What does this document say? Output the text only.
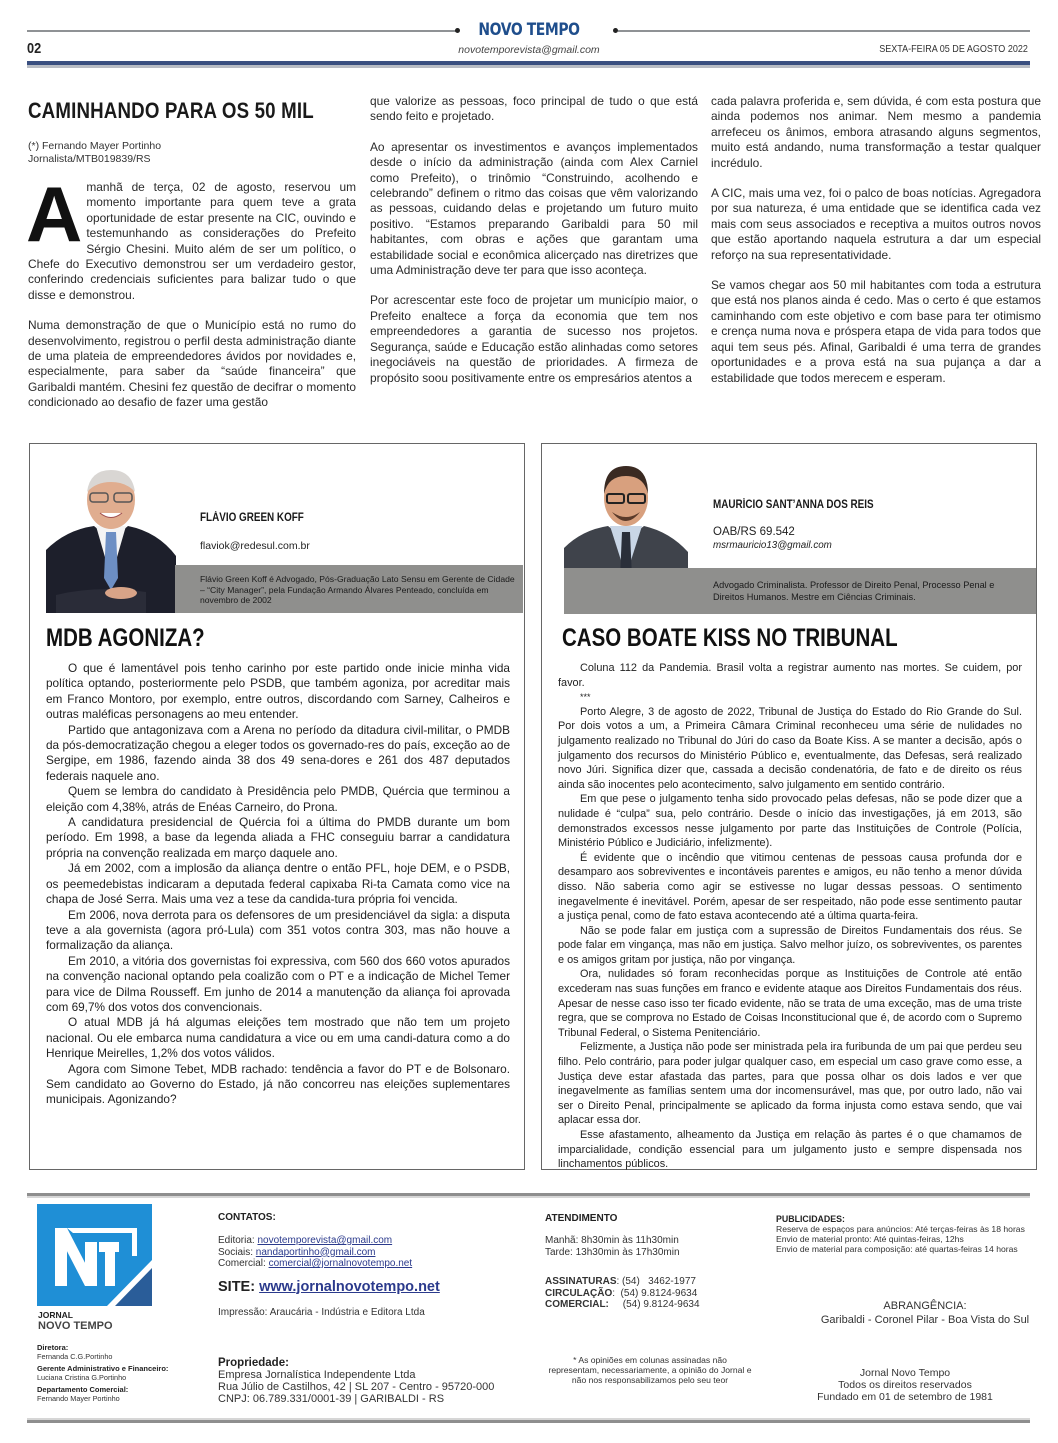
NOVO TEMPO
novotemporevista@gmail.com
02	SEXTA-FEIRA 05 DE AGOSTO 2022
CAMINHANDO PARA OS 50 MIL
(*) Fernando Mayer Portinho
Jornalista/MTB019839/RS

Amanhã de terça, 02 de agosto, reservou um momento importante para quem teve a grata oportunidade de estar presente na CIC, ouvindo e testemunhando as considerações do Prefeito Sérgio Chesini. Muito além de ser um político, o Chefe do Executivo demonstrou ser um verdadeiro gestor, conferindo credenciais suficientes para balizar tudo o que disse e demonstrou.

Numa demonstração de que o Município está no rumo do desenvolvimento, registrou o perfil desta administração diante de uma plateia de empreendedores ávidos por novidades e, especialmente, para saber da “saúde financeira” que Garibaldi mantém. Chesini fez questão de decifrar o momento condicionado ao desafio de fazer uma gestão

que valorize as pessoas, foco principal de tudo o que está sendo feito e projetado.

Ao apresentar os investimentos e avanços implementados desde o início da administração (ainda com Alex Carniel como Prefeito), o trinômio “Construindo, acolhendo e celebrando” definem o ritmo das coisas que vêm valorizando as pessoas, cuidando delas e projetando um futuro muito positivo. “Estamos preparando Garibaldi para 50 mil habitantes, com obras e ações que garantam uma estabilidade social e econômica alicerçado nas diretrizes que uma Administração deve ter para que isso aconteça.

Por acrescentar este foco de projetar um município maior, o Prefeito enaltece a força da economia que tem nos empreendedores a garantia de sucesso nos projetos. Segurança, saúde e Educação estão alinhadas como setores inegociáveis na questão de prioridades. A firmeza de propósito soou positivamente entre os empresários atentos a

cada palavra proferida e, sem dúvida, é com esta postura que ainda podemos nos animar. Nem mesmo a pandemia arrefeceu os ânimos, embora atrasando alguns segmentos, muito está andando, numa transformação a testar qualquer incrédulo.

A CIC, mais uma vez, foi o palco de boas notícias. Agregadora por sua natureza, é uma entidade que se identifica cada vez mais com seus associados e receptiva a muitos outros novos que estão aportando naquela estrutura a dar um especial reforço na sua representatividade.

Se vamos chegar aos 50 mil habitantes com toda a estrutura que está nos planos ainda é cedo. Mas o certo é que estamos caminhando com este objetivo e com base para ter otimismo e crença numa nova e próspera etapa de vida para todos que aqui tem seus pés. Afinal, Garibaldi é uma terra de grandes oportunidades e a prova está na sua pujança a dar a estabilidade que todos merecem e esperam.

FLÁVIO GREEN KOFF
flaviok@redesul.com.br
Flávio Green Koff é Advogado, Pós-Graduação Lato Sensu em Gerente de Cidade – “City Manager”, pela Fundação Armando Álvares Penteado, concluída em novembro de 2002
MDB AGONIZA?

O que é lamentável pois tenho carinho por este partido onde inicie minha vida política optando, posteriormente pelo PSDB, que também agoniza, por acreditar mais em Franco Montoro, por exemplo, entre outros, discordando com Sarney, Calheiros e outras maléficas personagens ao meu entender.

Partido que antagonizava com a Arena no período da ditadura civil-militar, o PMDB da pós-democratização chegou a eleger todos os governado-res do país, exceção ao de Sergipe, em 1986, fazendo ainda 38 dos 49 sena-dores e 261 dos 487 deputados federais naquele ano.

Quem se lembra do candidato à Presidência pelo PMDB, Quércia que terminou a eleição com 4,38%, atrás de Enéas Carneiro, do Prona.

A candidatura presidencial de Quércia foi a última do PMDB durante um bom período. Em 1998, a base da legenda aliada a FHC conseguiu barrar a candidatura própria na convenção realizada em março daquele ano.

Já em 2002, com a implosão da aliança dentre o então PFL, hoje DEM, e o PSDB, os peemedebistas indicaram a deputada federal capixaba Ri-ta Camata como vice na chapa de José Serra. Mais uma vez a tese da candida-tura própria foi vencida.

Em 2006, nova derrota para os defensores de um presidenciável da sigla: a disputa teve a ala governista (agora pró-Lula) com 351 votos contra 303, mas não houve a formalização da aliança.

Em 2010, a vitória dos governistas foi expressiva, com 560 dos 660 votos apurados na convenção nacional optando pela coalizão com o PT e a indicação de Michel Temer para vice de Dilma Rousseff. Em junho de 2014 a manutenção da aliança foi aprovada com 69,7% dos votos dos convencionais.

O atual MDB já há algumas eleições tem mostrado que não tem um projeto nacional. Ou ele embarca numa candidatura a vice ou em uma candi-datura como a do Henrique Meirelles, 1,2% dos votos válidos.

Agora com Simone Tebet, MDB rachado: tendência a favor do PT e de Bolsonaro. Sem candidato ao Governo do Estado, já não concorreu nas eleições suplementares municipais. Agonizando?

MAURÍCIO SANT’ANNA DOS REIS
OAB/RS 69.542
msrmauricio13@gmail.com
Advogado Criminalista. Professor de Direito Penal, Processo Penal e Direitos Humanos. Mestre em Ciências Criminais.
CASO BOATE KISS NO TRIBUNAL

Coluna 112 da Pandemia. Brasil volta a registrar aumento nas mortes. Se cuidem, por favor.

***

Porto Alegre, 3 de agosto de 2022, Tribunal de Justiça do Estado do Rio Grande do Sul. Por dois votos a um, a Primeira Câmara Criminal reconheceu uma série de nulidades no julgamento realizado no Tribunal do Júri do caso da Boate Kiss. A se manter a decisão, após o julgamento dos recursos do Ministério Público e, eventualmente, das Defesas, será realizado novo Júri. Significa dizer que, cassada a decisão condenatória, de fato e de direito os réus ainda são inocentes pelo acontecimento, salvo julgamento em sentido contrário.

Em que pese o julgamento tenha sido provocado pelas defesas, não se pode dizer que a nulidade é “culpa” sua, pelo contrário. Desde o início das investigações, já em 2013, são demonstrados excessos nesse julgamento por parte das Instituições de Controle (Polícia, Ministério Público e Judiciário, infelizmente).

É evidente que o incêndio que vitimou centenas de pessoas causa profunda dor e desamparo aos sobreviventes e incontáveis parentes e amigos, eu não tenho a menor dúvida disso. Não saberia como agir se estivesse no lugar dessas pessoas. O sentimento inegavelmente é inevitável. Porém, apesar de ser respeitado, não pode esse sentimento pautar a justiça penal, como de fato estava acontecendo até a última quarta-feira.

Não se pode falar em justiça com a supressão de Direitos Fundamentais dos réus. Se pode falar em vingança, mas não em justiça. Salvo melhor juízo, os sobreviventes, os parentes e os amigos gritam por justiça, não por vingança.

Ora, nulidades só foram reconhecidas porque as Instituições de Controle até então excederam nas suas funções em franco e evidente ataque aos Direitos Fundamentais dos réus. Apesar de nesse caso isso ter ficado evidente, não se trata de uma exceção, mas de uma triste regra, que se comprova no Estado de Coisas Inconstitucional que é, de acordo com o Supremo Tribunal Federal, o Sistema Penitenciário.

Felizmente, a Justiça não pode ser ministrada pela ira furibunda de um pai que perdeu seu filho. Pelo contrário, para poder julgar qualquer caso, em especial um caso grave como esse, a Justiça deve estar afastada das partes, para que possa olhar os dois lados e ver que inegavelmente as famílias sentem uma dor incomensurável, mas que, por outro lado, não vai ser o Direito Penal, principalmente se aplicado da forma injusta como estava sendo, que vai aplacar essa dor.

Esse afastamento, alheamento da Justiça em relação às partes é o que chamamos de imparcialidade, condição essencial para um julgamento justo e sempre dispensada nos linchamentos públicos.

JORNAL
NOVO TEMPO
Diretora:
Fernanda C.G.Portinho
Gerente Administrativo e Financeiro:
Luciana Cristina G.Portinho
Departamento Comercial:
Fernando Mayer Portinho
CONTATOS:
Editoria: novotemporevista@gmail.com
Sociais: nandaportinho@gmail.com
Comercial: comercial@jornalnovotempo.net
SITE: www.jornalnovotempo.net
Impressão: Araucária - Indústria e Editora Ltda
Propriedade:
Empresa Jornalística Independente Ltda
Rua Júlio de Castilhos, 42 | SL 207 - Centro - 95720-000
CNPJ: 06.789.331/0001-39 | GARIBALDI - RS
ATENDIMENTO
Manhã: 8h30min às 11h30min
Tarde: 13h30min às 17h30min
ASSINATURAS: (54)   3462-1977
CIRCULAÇÃO:  (54) 9.8124-9634
COMERCIAL:     (54) 9.8124-9634
* As opiniões em colunas assinadas não
representam, necessariamente, a opinião do Jornal e
não nos responsabilizamos pelo seu teor
PUBLICIDADES:
Reserva de espaços para anúncios: Até terças-feiras às 18 horas
Envio de material pronto: Até quintas-feiras, 12hs
Envio de material para composição: até quartas-feiras 14 horas
ABRANGÊNCIA:
Garibaldi - Coronel Pilar - Boa Vista do Sul
Jornal Novo Tempo
Todos os direitos reservados
Fundado em 01 de setembro de 1981
